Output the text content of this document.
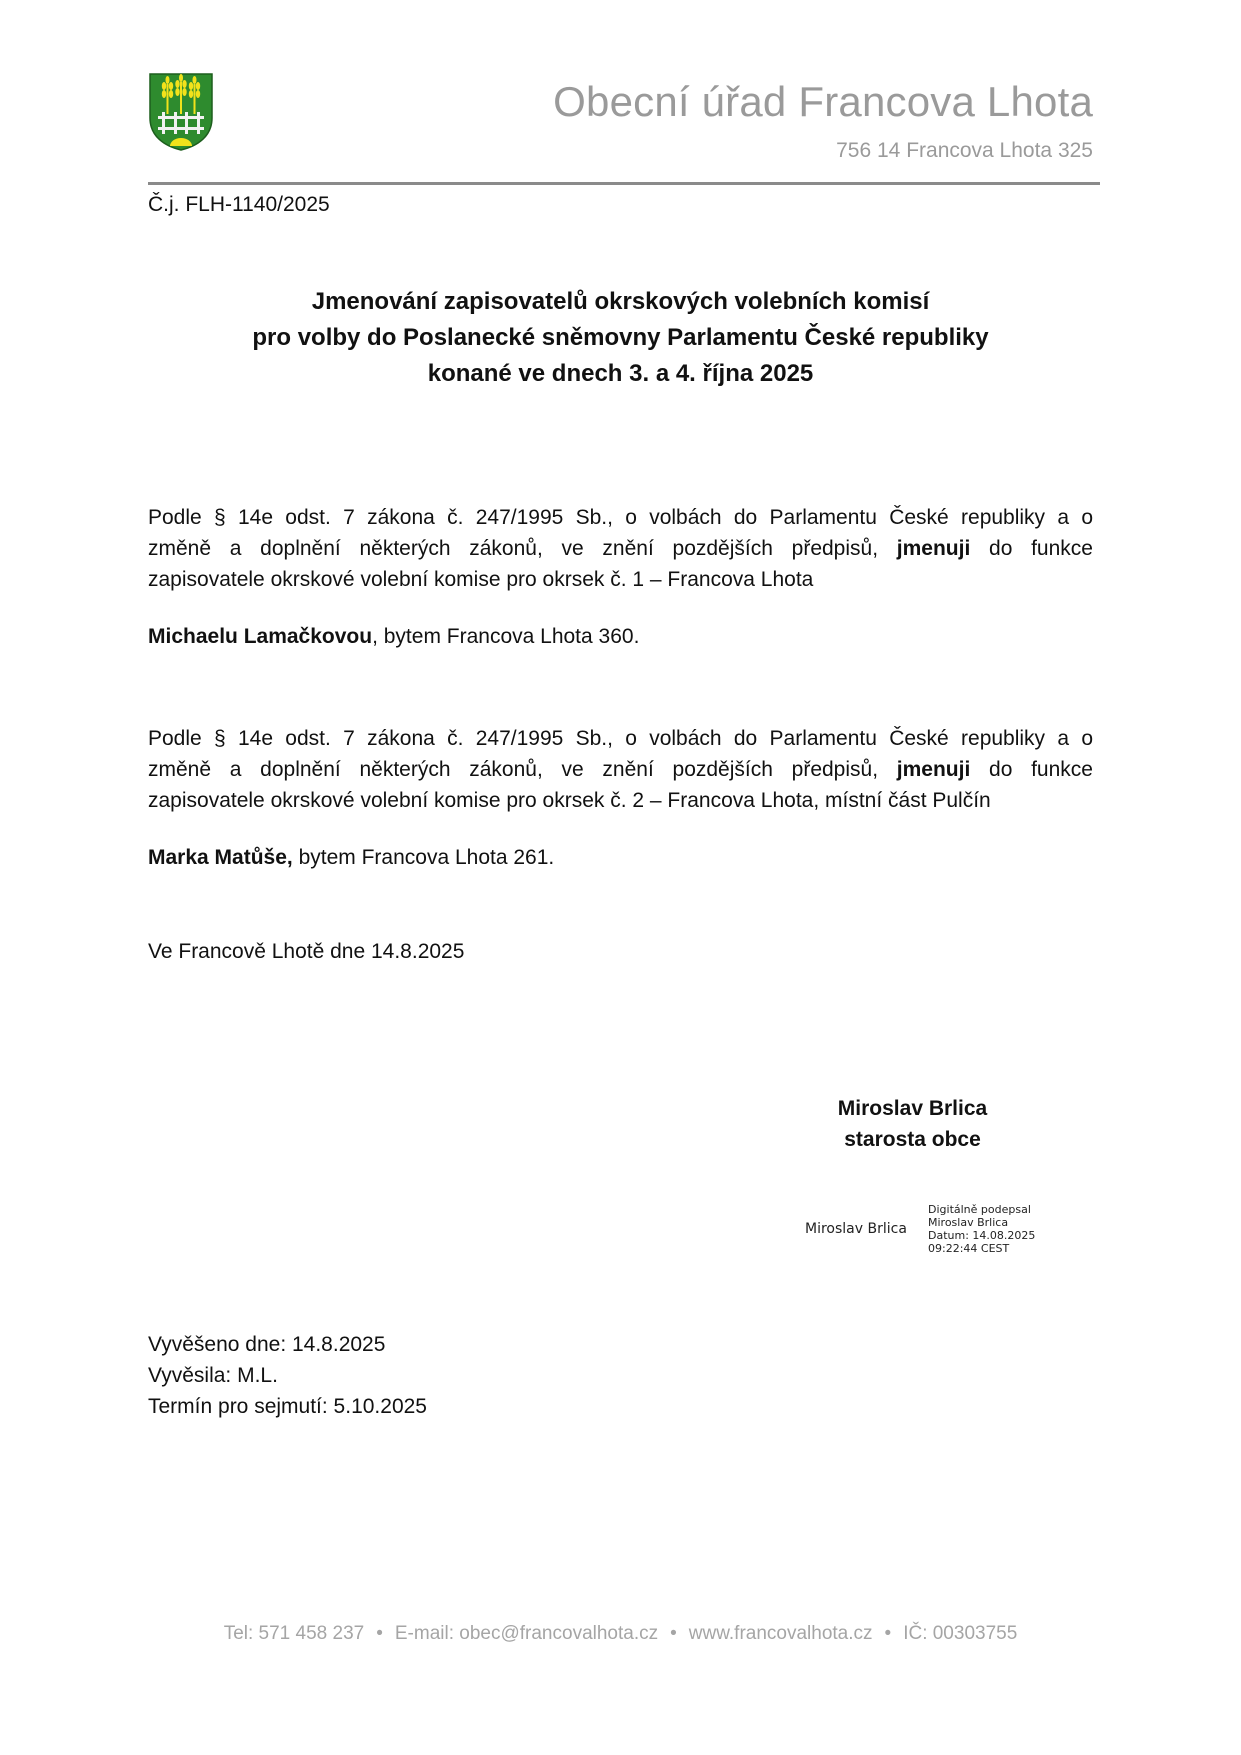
Obecní úřad Francova Lhota
756 14 Francova Lhota 325
Č.j. FLH-1140/2025
Jmenování zapisovatelů okrskových volebních komisí
pro volby do Poslanecké sněmovny Parlamentu České republiky
konané ve dnech 3. a 4. října 2025
Podle § 14e odst. 7 zákona č. 247/1995 Sb., o volbách do Parlamentu České republiky a o
změně a doplnění některých zákonů, ve znění pozdějších předpisů, jmenuji do funkce
zapisovatele okrskové volební komise pro okrsek č. 1 – Francova Lhota
Michaelu Lamačkovou, bytem Francova Lhota 360.
Podle § 14e odst. 7 zákona č. 247/1995 Sb., o volbách do Parlamentu České republiky a o
změně a doplnění některých zákonů, ve znění pozdějších předpisů, jmenuji do funkce
zapisovatele okrskové volební komise pro okrsek č. 2 – Francova Lhota, místní část Pulčín
Marka Matůše, bytem Francova Lhota 261.
Ve Francově Lhotě dne 14.8.2025
Miroslav Brlica
starosta obce
Miroslav Brlica
Digitálně podepsal
Miroslav Brlica
Datum: 14.08.2025
09:22:44 CEST
Vyvěšeno dne: 14.8.2025
Vyvěsila: M.L.
Termín pro sejmutí: 5.10.2025
Tel: 571 458 237 • E-mail: obec@francovalhota.cz • www.francovalhota.cz • IČ: 00303755
